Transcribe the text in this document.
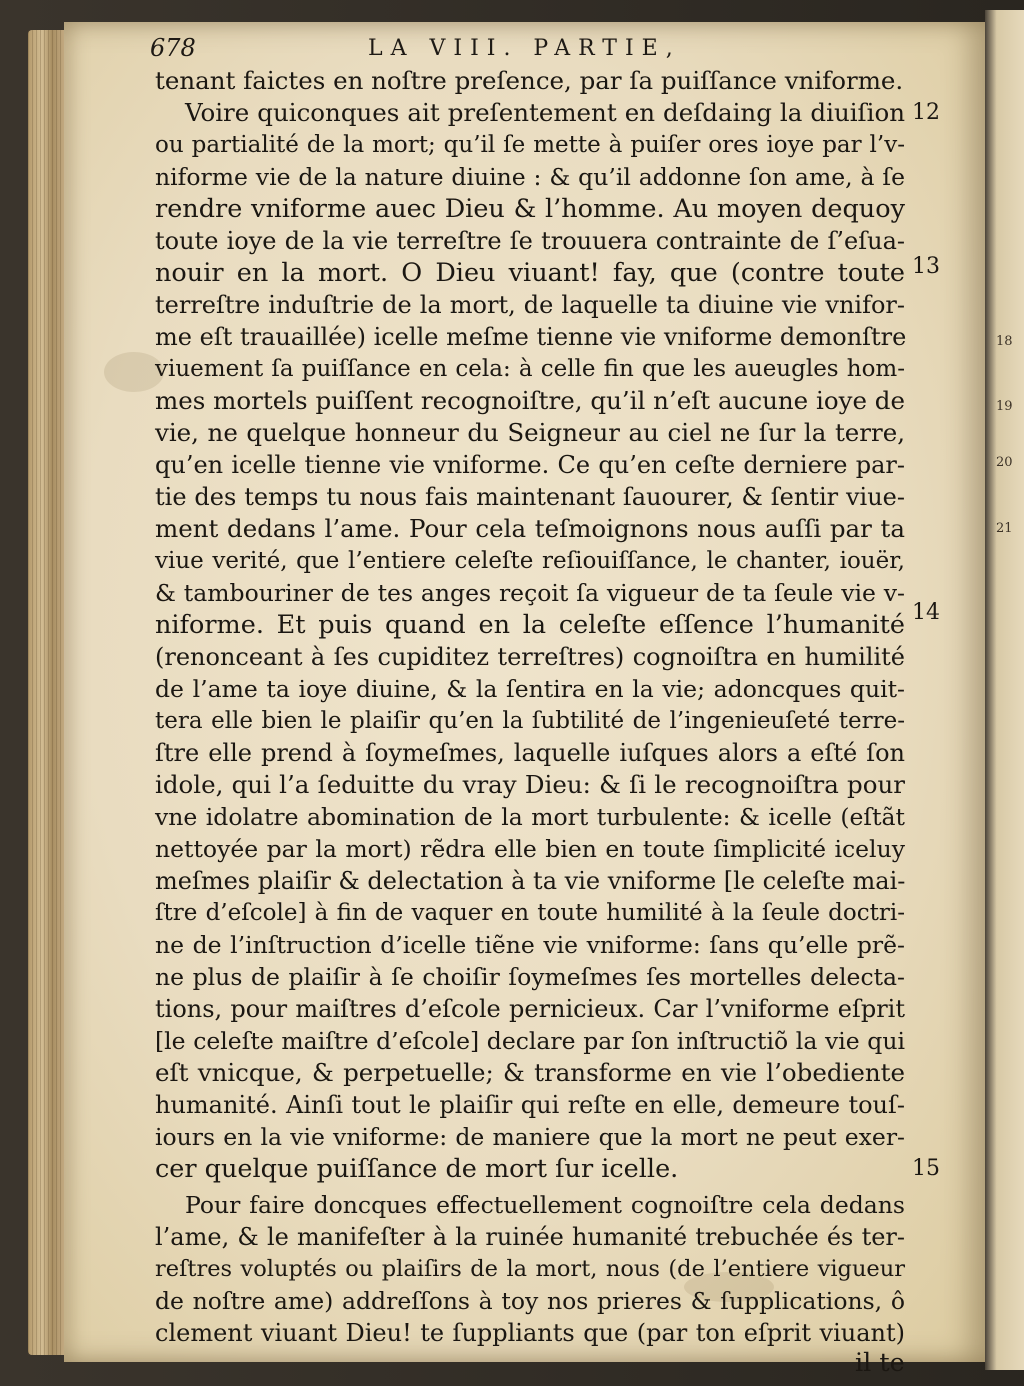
18
19
20
21
678	LA VIII. PARTIE,
tenant faictes en noſtre preſence, par ſa puiſſance vniforme.
Voire quiconques ait preſentement en deſdaing la diuiſion
ou partialité de la mort; qu’il ſe mette à puiſer ores ioye par l’v-
niforme vie de la nature diuine : & qu’il addonne ſon ame, à ſe
rendre vniforme auec Dieu & l’homme. Au moyen dequoy
toute ioye de la vie terreſtre ſe trouuera contrainte de ſ’eſua-
nouir en la mort. O Dieu viuant! fay, que (contre toute
terreſtre induſtrie de la mort, de laquelle ta diuine vie vnifor-
me eſt trauaillée) icelle meſme tienne vie vniforme demonſtre
viuement ſa puiſſance en cela: à celle fin que les aueugles hom-
mes mortels puiſſent recognoiſtre, qu’il n’eſt aucune ioye de
vie, ne quelque honneur du Seigneur au ciel ne ſur la terre,
qu’en icelle tienne vie vniforme. Ce qu’en ceſte derniere par-
tie des temps tu nous fais maintenant ſauourer, & ſentir viue-
ment dedans l’ame. Pour cela teſmoignons nous auſſi par ta
viue verité, que l’entiere celeſte reſiouiſſance, le chanter, iouër,
& tambouriner de tes anges reçoit ſa vigueur de ta ſeule vie v-
niforme. Et puis quand en la celeſte eſſence l’humanité
(renonceant à ſes cupiditez terreſtres) cognoiſtra en humilité
de l’ame ta ioye diuine, & la ſentira en la vie; adoncques quit-
tera elle bien le plaiſir qu’en la ſubtilité de l’ingenieuſeté terre-
ſtre elle prend à ſoymeſmes, laquelle iuſques alors a eſté ſon
idole, qui l’a ſeduitte du vray Dieu: & ſi le recognoiſtra pour
vne idolatre abomination de la mort turbulente: & icelle (eſtãt
nettoyée par la mort) rẽdra elle bien en toute ſimplicité iceluy
meſmes plaiſir & delectation à ta vie vniforme [le celeſte mai-
ſtre d’eſcole] à fin de vaquer en toute humilité à la ſeule doctri-
ne de l’inſtruction d’icelle tiẽne vie vniforme: ſans qu’elle prẽ-
ne plus de plaiſir à ſe choiſir ſoymeſmes ſes mortelles delecta-
tions, pour maiſtres d’eſcole pernicieux. Car l’vniforme eſprit
[le celeſte maiſtre d’eſcole] declare par ſon inſtructiõ la vie qui
eſt vnicque, & perpetuelle; & transforme en vie l’obediente
humanité. Ainſi tout le plaiſir qui reſte en elle, demeure touſ-
iours en la vie vniforme: de maniere que la mort ne peut exer-
cer quelque puiſſance de mort ſur icelle.
Pour faire doncques effectuellement cognoiſtre cela dedans
l’ame, & le manifeſter à la ruinée humanité trebuchée és ter-
reſtres voluptés ou plaiſirs de la mort, nous (de l’entiere vigueur
de noſtre ame) addreſſons à toy nos prieres & ſupplications, ô
clement viuant Dieu! te ſuppliants que (par ton eſprit viuant)
il te
12
13
14
15
